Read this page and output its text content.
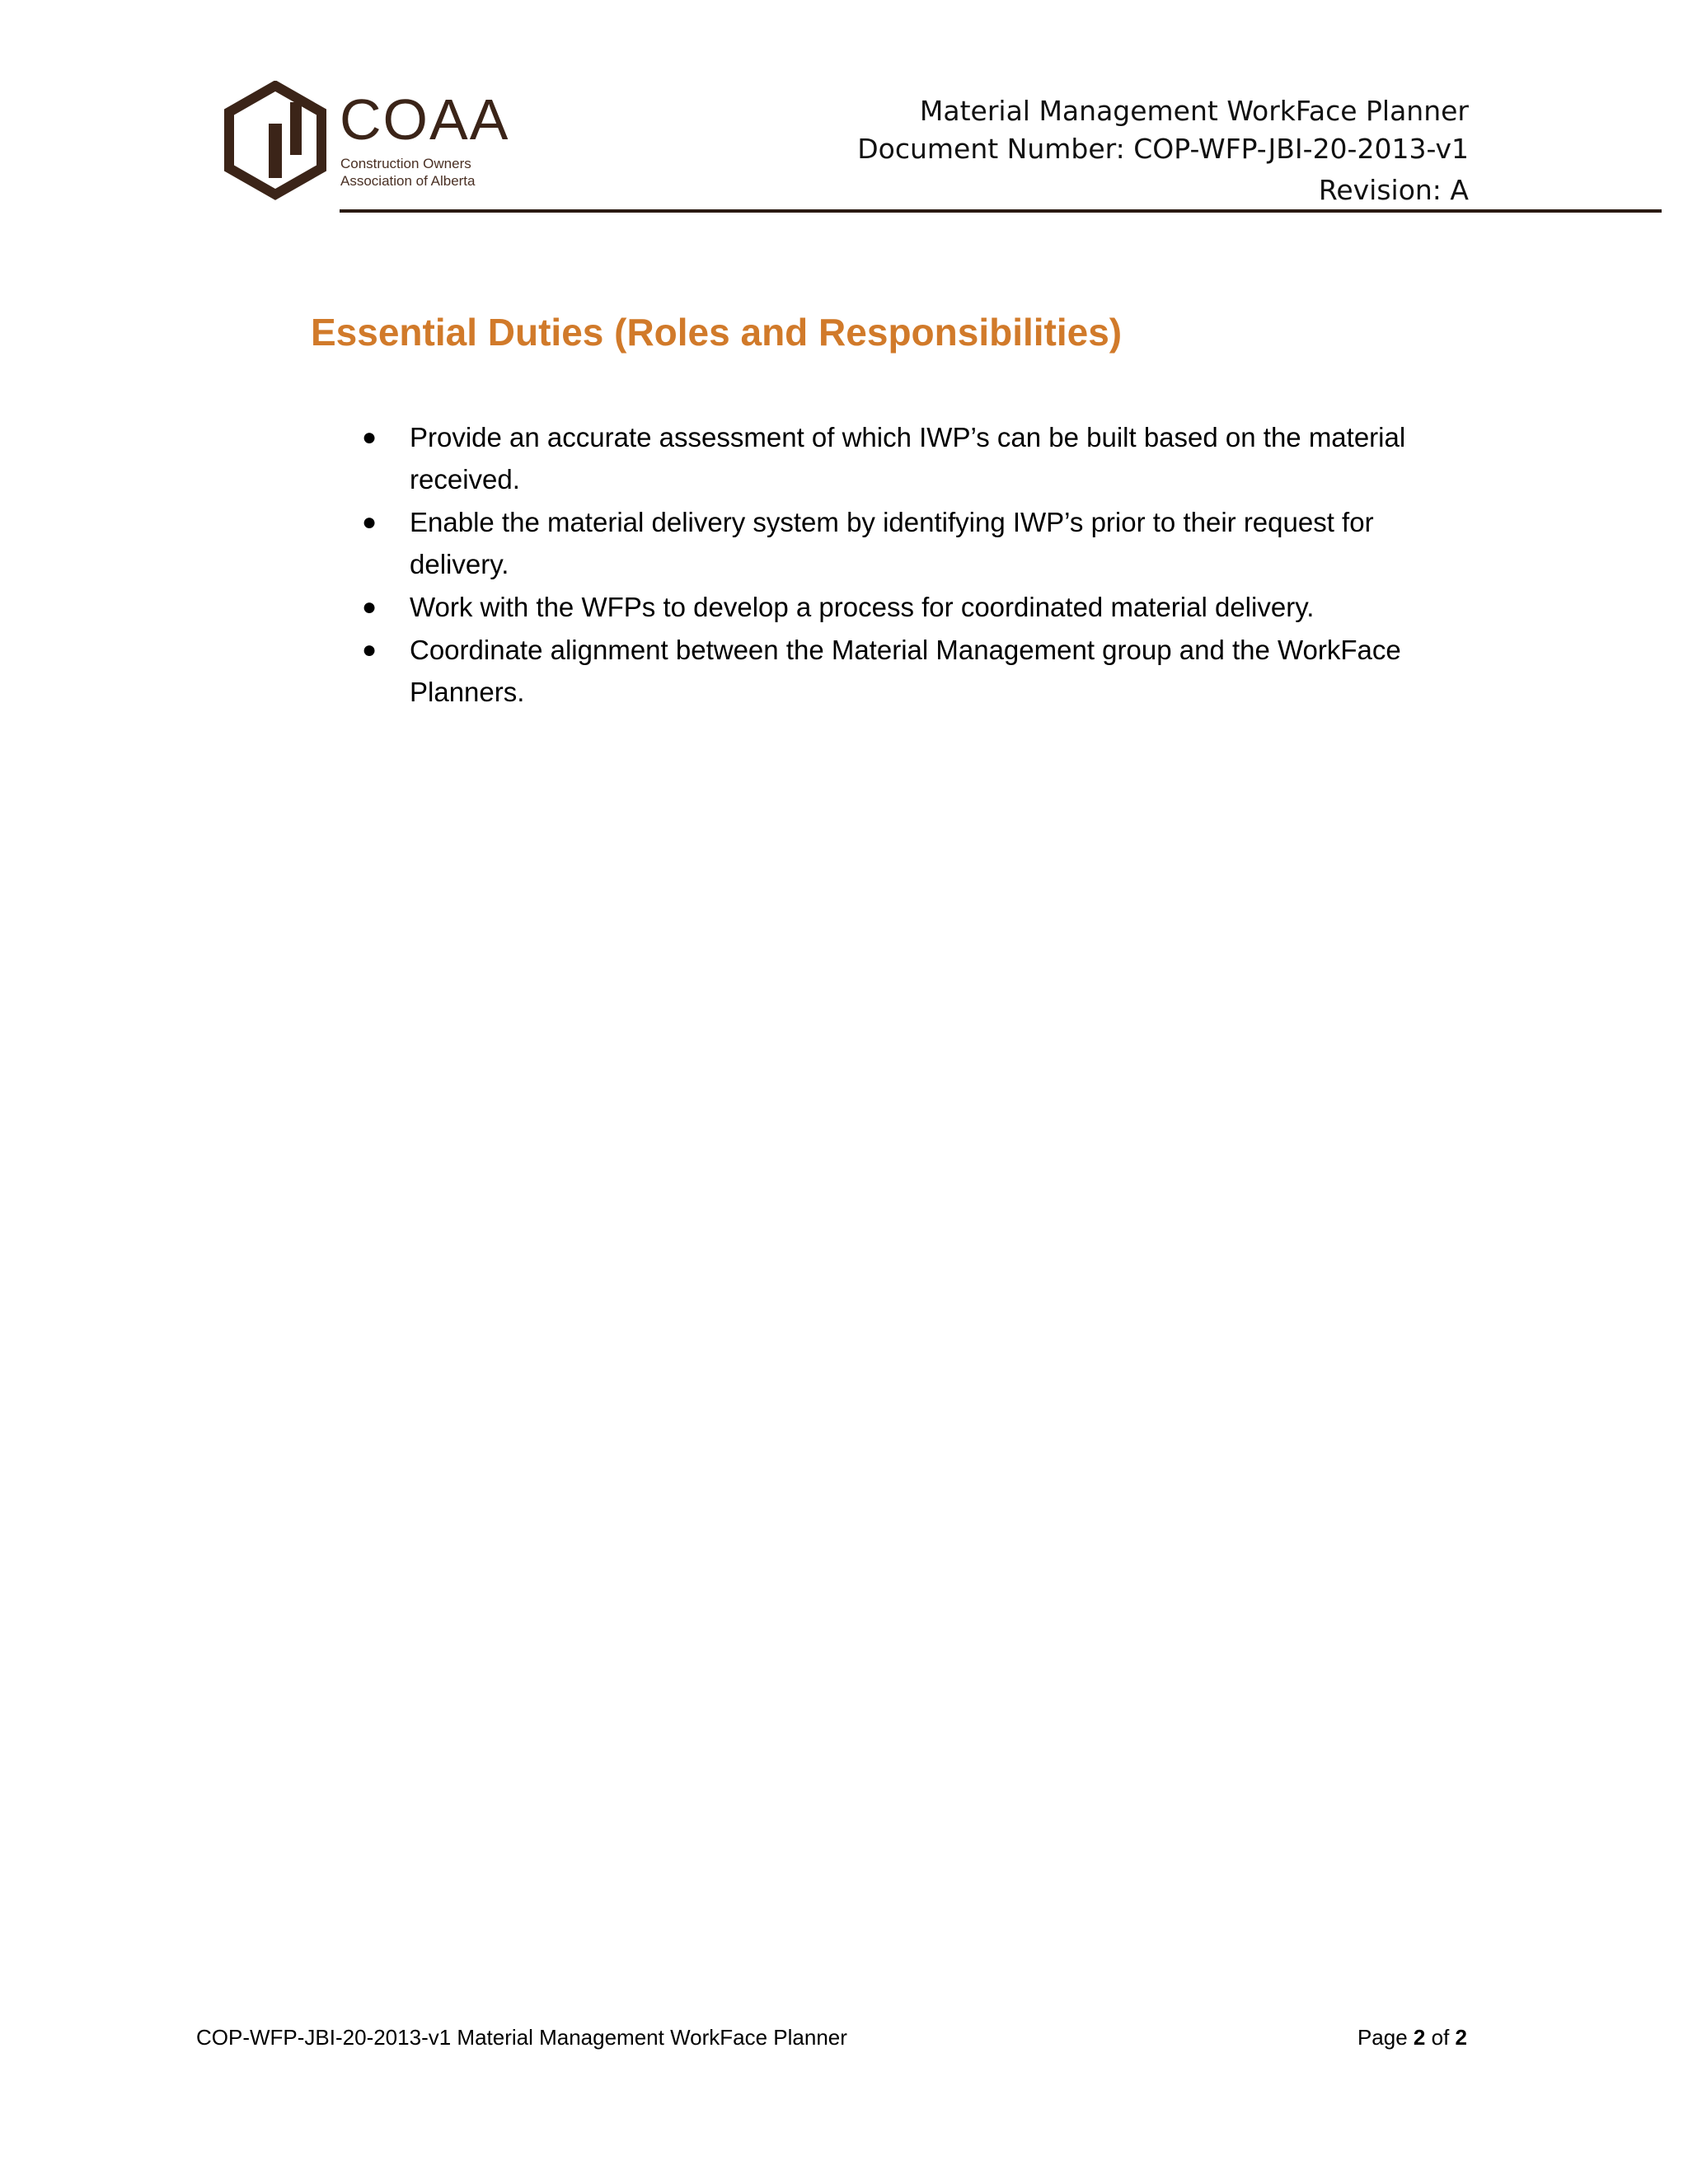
COAA
Construction Owners
Association of Alberta
Material Management WorkFace Planner
Document Number: COP-WFP-JBI-20-2013-v1
Revision: A
Essential Duties (Roles and Responsibilities)
● Provide an accurate assessment of which IWP’s can be built based on the material received.
● Enable the material delivery system by identifying IWP’s prior to their request for delivery.
● Work with the WFPs to develop a process for coordinated material delivery.
● Coordinate alignment between the Material Management group and the WorkFace Planners.
COP-WFP-JBI-20-2013-v1 Material Management WorkFace Planner	Page 2 of 2
